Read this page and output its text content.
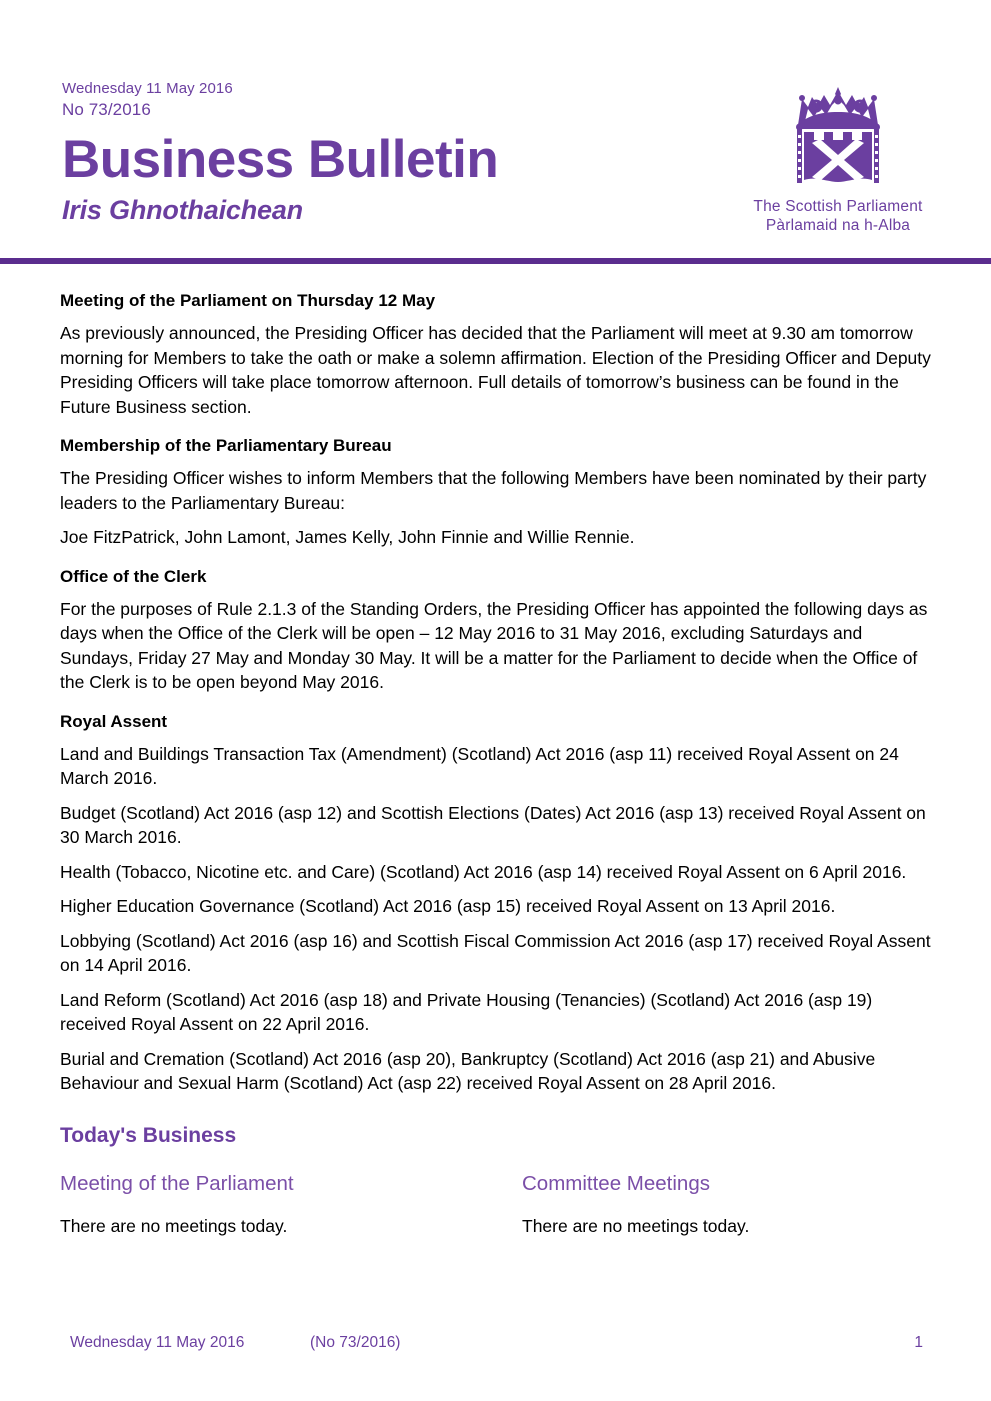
Wednesday 11 May 2016
No 73/2016
Business Bulletin
Iris Ghnothaichean	The Scottish Parliament
Pàrlamaid na h-Alba
Meeting of the Parliament on Thursday 12 May

As previously announced, the Presiding Officer has decided that the Parliament will meet at 9.30 am tomorrow morning for Members to take the oath or make a solemn affirmation. Election of the Presiding Officer and Deputy Presiding Officers will take place tomorrow afternoon. Full details of tomorrow’s business can be found in the Future Business section.

Membership of the Parliamentary Bureau

The Presiding Officer wishes to inform Members that the following Members have been nominated by their party leaders to the Parliamentary Bureau:

Joe FitzPatrick, John Lamont, James Kelly, John Finnie and Willie Rennie.

Office of the Clerk

For the purposes of Rule 2.1.3 of the Standing Orders, the Presiding Officer has appointed the following days as days when the Office of the Clerk will be open – 12 May 2016 to 31 May 2016, excluding Saturdays and Sundays, Friday 27 May and Monday 30 May. It will be a matter for the Parliament to decide when the Office of the Clerk is to be open beyond May 2016.

Royal Assent

Land and Buildings Transaction Tax (Amendment) (Scotland) Act 2016 (asp 11) received Royal Assent on 24 March 2016.

Budget (Scotland) Act 2016 (asp 12) and Scottish Elections (Dates) Act 2016 (asp 13) received Royal Assent on 30 March 2016.

Health (Tobacco, Nicotine etc. and Care) (Scotland) Act 2016 (asp 14) received Royal Assent on 6 April 2016.

Higher Education Governance (Scotland) Act 2016 (asp 15) received Royal Assent on 13 April 2016.

Lobbying (Scotland) Act 2016 (asp 16) and Scottish Fiscal Commission Act 2016 (asp 17) received Royal Assent on 14 April 2016.

Land Reform (Scotland) Act 2016 (asp 18) and Private Housing (Tenancies) (Scotland) Act 2016 (asp 19) received Royal Assent on 22 April 2016.

Burial and Cremation (Scotland) Act 2016 (asp 20), Bankruptcy (Scotland) Act 2016 (asp 21) and Abusive Behaviour and Sexual Harm (Scotland) Act (asp 22) received Royal Assent on 28 April 2016.

Today's Business
Meeting of the Parliament

There are no meetings today.

Committee Meetings

There are no meetings today.

Wednesday 11 May 2016	(No 73/2016)	1
